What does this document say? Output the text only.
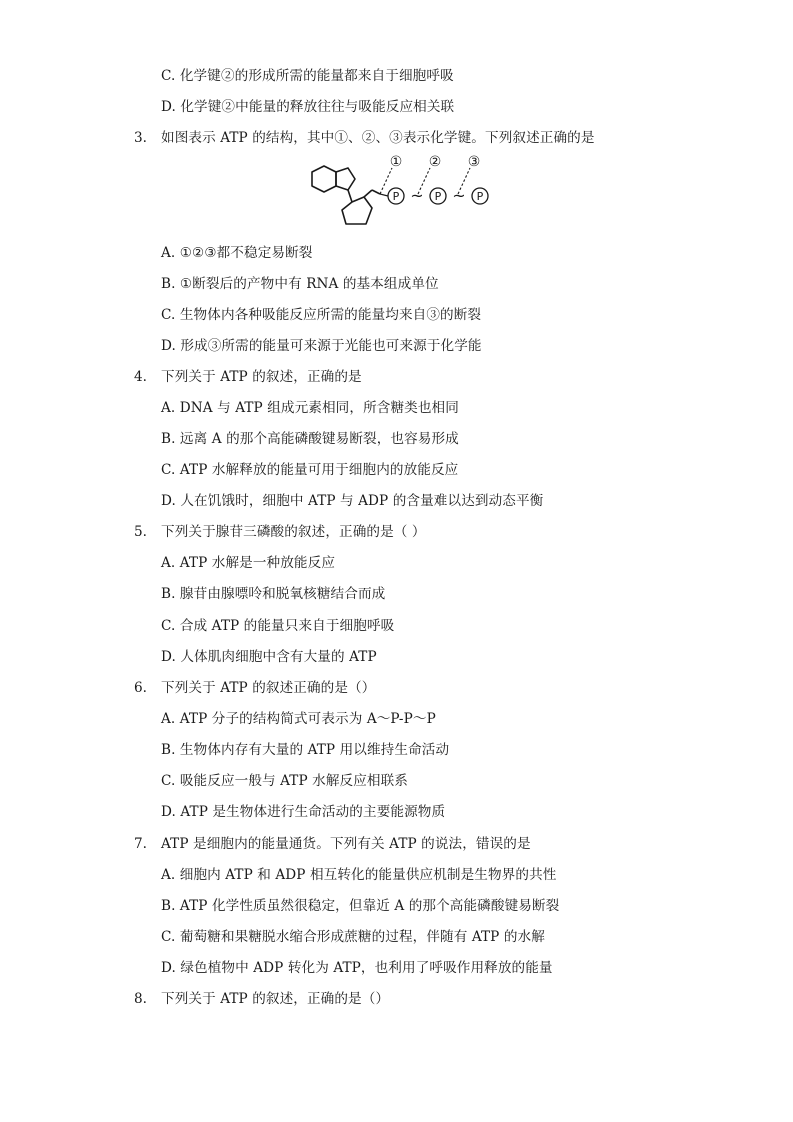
C. 化学键②的形成所需的能量都来自于细胞呼吸
D. 化学键②中能量的释放往往与吸能反应相关联
3. 如图表示 ATP 的结构，其中①、②、③表示化学键。下列叙述正确的是
① ② ③
P	P	P
~ ~
A. ①②③都不稳定易断裂
B. ①断裂后的产物中有 RNA 的基本组成单位
C. 生物体内各种吸能反应所需的能量均来自③的断裂
D. 形成③所需的能量可来源于光能也可来源于化学能
4. 下列关于 ATP 的叙述，正确的是
A. DNA 与 ATP 组成元素相同，所含糖类也相同
B. 远离 A 的那个高能磷酸键易断裂，也容易形成
C. ATP 水解释放的能量可用于细胞内的放能反应
D. 人在饥饿时，细胞中 ATP 与 ADP 的含量难以达到动态平衡
5. 下列关于腺苷三磷酸的叙述，正确的是（ ）
A. ATP 水解是一种放能反应
B. 腺苷由腺嘌呤和脱氧核糖结合而成
C. 合成 ATP 的能量只来自于细胞呼吸
D. 人体肌肉细胞中含有大量的 ATP
6. 下列关于 ATP 的叙述正确的是（）
A. ATP 分子的结构简式可表示为 A～P-P～P
B. 生物体内存有大量的 ATP 用以维持生命活动
C. 吸能反应一般与 ATP 水解反应相联系
D. ATP 是生物体进行生命活动的主要能源物质
7. ATP 是细胞内的能量通货。下列有关 ATP 的说法，错误的是
A. 细胞内 ATP 和 ADP 相互转化的能量供应机制是生物界的共性
B. ATP 化学性质虽然很稳定，但靠近 A 的那个高能磷酸键易断裂
C. 葡萄糖和果糖脱水缩合形成蔗糖的过程，伴随有 ATP 的水解
D. 绿色植物中 ADP 转化为 ATP，也利用了呼吸作用释放的能量
8. 下列关于 ATP 的叙述，正确的是（）
